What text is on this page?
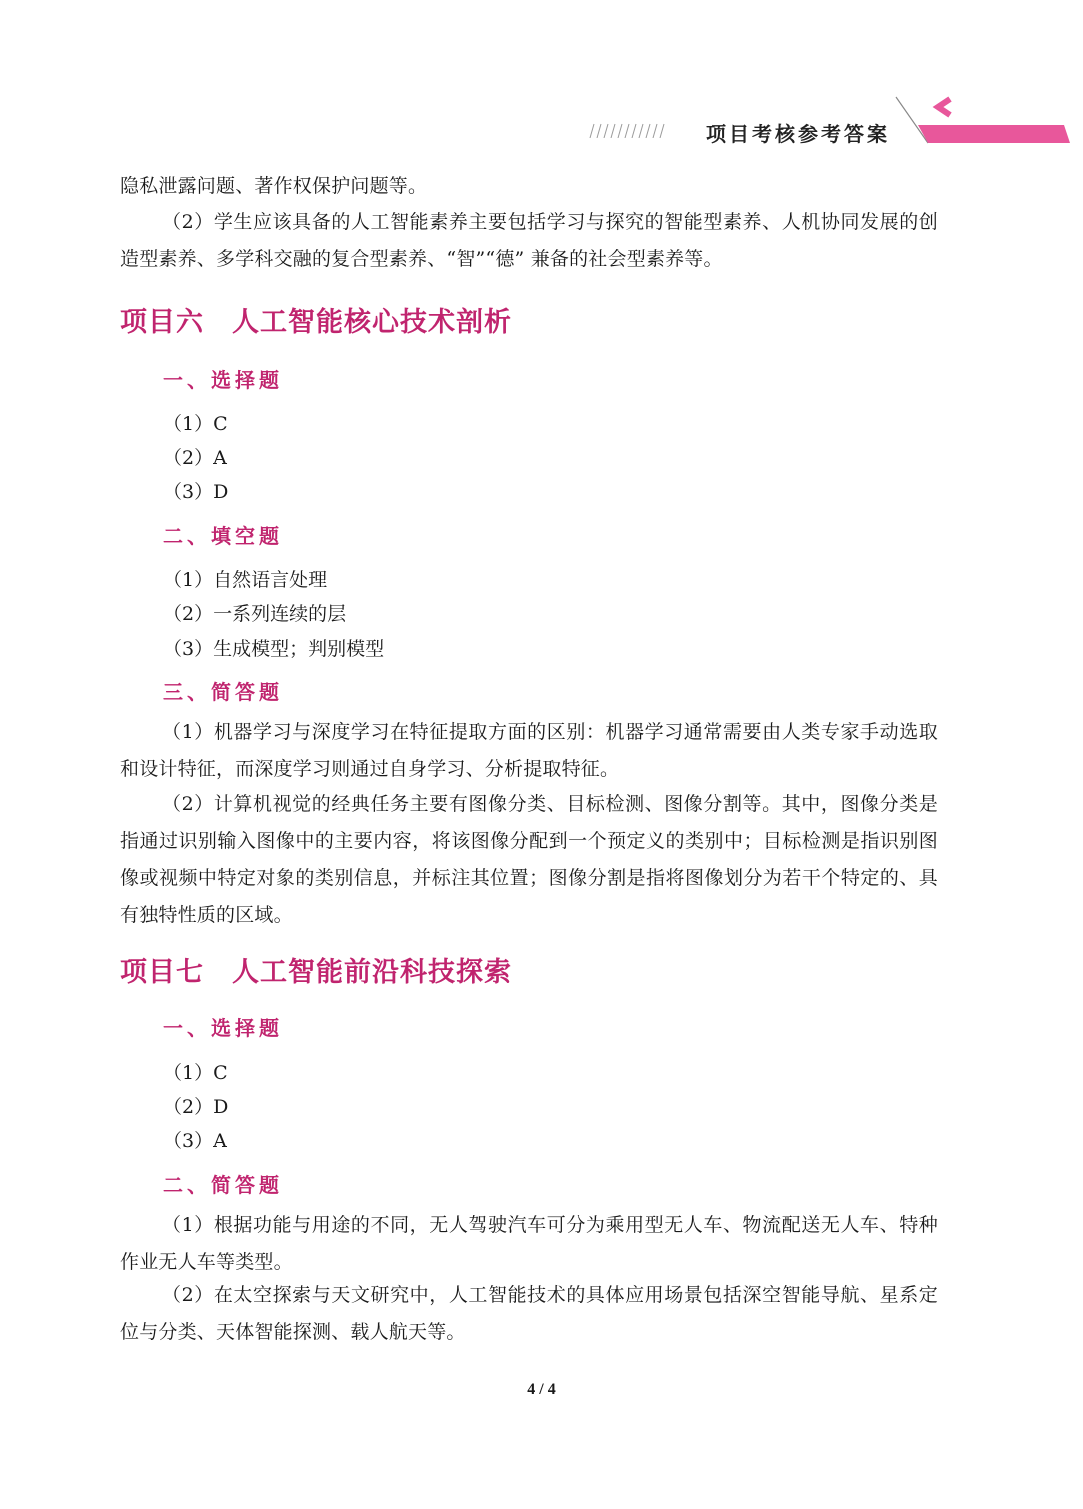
项目考核参考答案

隐私泄露问题、著作权保护问题等。

（2）学生应该具备的人工智能素养主要包括学习与探究的智能型素养、人机协同发展的创造型素养、多学科交融的复合型素养、“智”“德” 兼备的社会型素养等。

项目六　人工智能核心技术剖析
一、选择题

（1）C

（2）A

（3）D

二、填空题

（1）自然语言处理

（2）一系列连续的层

（3）生成模型；判别模型

三、简答题

（1）机器学习与深度学习在特征提取方面的区别：机器学习通常需要由人类专家手动选取和设计特征，而深度学习则通过自身学习、分析提取特征。

（2）计算机视觉的经典任务主要有图像分类、目标检测、图像分割等。其中，图像分类是指通过识别输入图像中的主要内容，将该图像分配到一个预定义的类别中；目标检测是指识别图像或视频中特定对象的类别信息，并标注其位置；图像分割是指将图像划分为若干个特定的、具有独特性质的区域。

项目七　人工智能前沿科技探索
一、选择题

（1）C

（2）D

（3）A

二、简答题

（1）根据功能与用途的不同，无人驾驶汽车可分为乘用型无人车、物流配送无人车、特种作业无人车等类型。

（2）在太空探索与天文研究中，人工智能技术的具体应用场景包括深空智能导航、星系定位与分类、天体智能探测、载人航天等。

4 / 4
